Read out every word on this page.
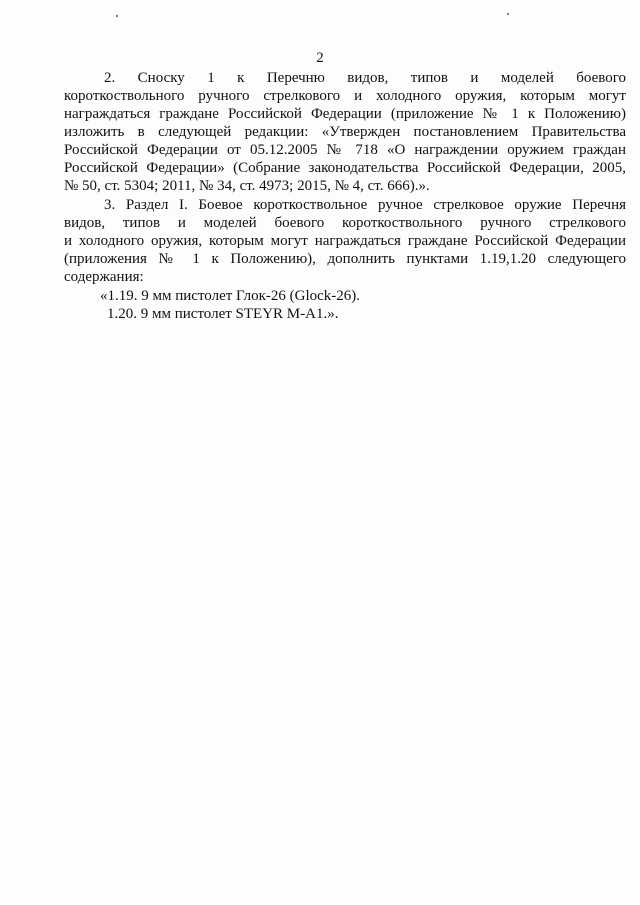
2
2. Сноску 1 к Перечню видов, типов и моделей боевого
короткоствольного ручного стрелкового и холодного оружия, которым могут
награждаться граждане Российской Федерации (приложение № 1 к Положению)
изложить в следующей редакции: «Утвержден постановлением Правительства
Российской Федерации от 05.12.2005 № 718 «О награждении оружием граждан
Российской Федерации» (Собрание законодательства Российской Федерации, 2005,
№ 50, ст. 5304; 2011, № 34, ст. 4973; 2015, № 4, ст. 666).».
3. Раздел I. Боевое короткоствольное ручное стрелковое оружие Перечня
видов, типов и моделей боевого короткоствольного ручного стрелкового
и холодного оружия, которым могут награждаться граждане Российской Федерации
(приложения № 1 к Положению), дополнить пунктами 1.19,1.20 следующего
содержания:
«1.19. 9 мм пистолет Глок-26 (Glock-26).
1.20. 9 мм пистолет STEYR M-A1.».
